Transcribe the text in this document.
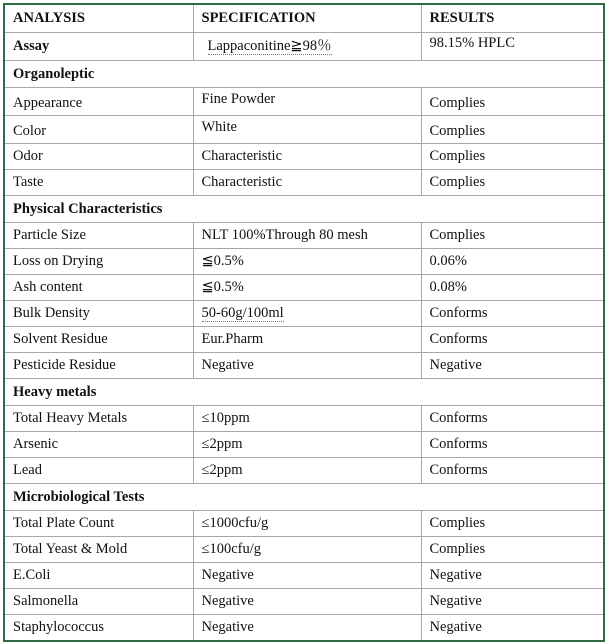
ANALYSIS	SPECIFICATION	RESULTS
Assay	Lappaconitine≧98％	98.15% HPLC
Organoleptic		
Appearance	Fine Powder	Complies
Color	White	Complies
Odor	Characteristic	Complies
Taste	Characteristic	Complies
Physical Characteristics		
Particle Size	NLT 100%Through 80 mesh	Complies
Loss on Drying	≦0.5%	0.06%
Ash content	≦0.5%	0.08%
Bulk Density	50-60g/100ml	Conforms
Solvent Residue	Eur.Pharm	Conforms
Pesticide Residue	Negative	Negative
Heavy metals		
Total Heavy Metals	≤10ppm	Conforms
Arsenic	≤2ppm	Conforms
Lead	≤2ppm	Conforms
Microbiological Tests		
Total Plate Count	≤1000cfu/g	Complies
Total Yeast & Mold	≤100cfu/g	Complies
E.Coli	Negative	Negative
Salmonella	Negative	Negative
Staphylococcus	Negative	Negative
